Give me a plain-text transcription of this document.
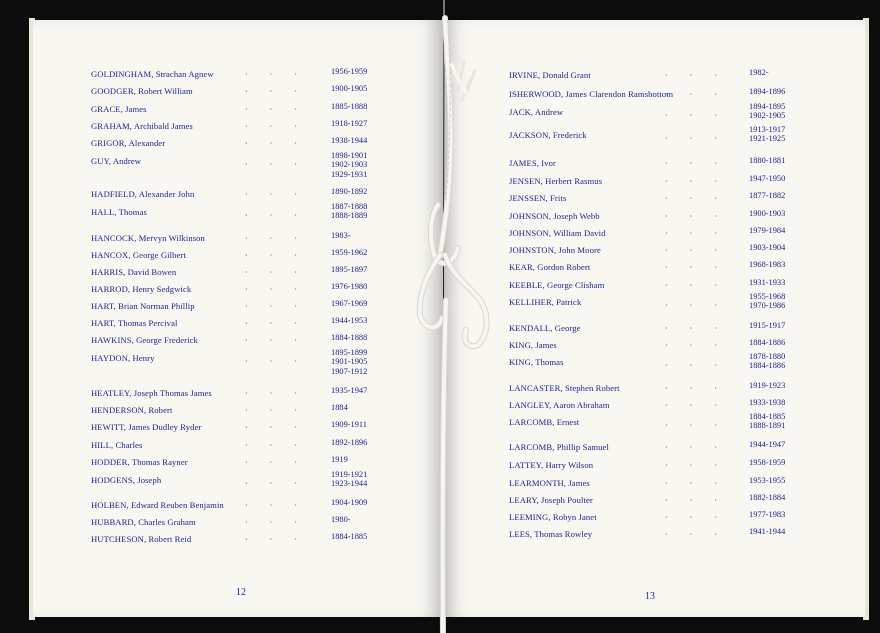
GOLDINGHAM, Strachan Agnew	··· 1956-1959
GOODGER, Robert William	··· 1900-1905
GRACE, James	··· 1885-1888
GRAHAM, Archibald James	··· 1918-1927
GRIGOR, Alexander	··· 1938-1944
GUY, Andrew	···
1898-1901
1902-1903
1929-1931
HADFIELD, Alexander John	··· 1890-1892
HALL, Thomas	···
1887-1888
1888-1889
HANCOCK, Mervyn Wilkinson	··· 1983-
HANCOX, George Gilbert	··· 1959-1962
HARRIS, David Bowen	··· 1895-1897
HARROD, Henry Sedgwick	··· 1976-1980
HART, Brian Norman Phillip	··· 1967-1969
HART, Thomas Percival	··· 1944-1953
HAWKINS, George Frederick	··· 1884-1888
HAYDON, Henry	···
1895-1899
1901-1905
1907-1912
HEATLEY, Joseph Thomas James	··· 1935-1947
HENDERSON, Robert	··· 1884
HEWITT, James Dudley Ryder	··· 1909-1911
HILL, Charles	··· 1892-1896
HODDER, Thomas Rayner	··· 1919
HODGENS, Joseph	···
1919-1921
1923-1944
HOLBEN, Edward Reuben Benjamin	··· 1904-1909
HUBBARD, Charles Graham	··· 1980-
HUTCHESON, Robert Reid	··· 1884-1885
12
IRVINE, Donald Grant	··· 1982-
ISHERWOOD, James Clarendon Ramsbottom
··· 1894-1896
JACK, Andrew	···
1894-1895
1902-1905
JACKSON, Frederick	···
1913-1917
1921-1925
JAMES, Ivor	··· 1880-1881
JENSEN, Herbert Rasmus	··· 1947-1950
JENSSEN, Frits	··· 1877-1882
JOHNSON, Joseph Webb	··· 1900-1903
JOHNSON, William David	··· 1979-1984
JOHNSTON, John Moore	··· 1903-1904
KEAR, Gordon Robert	··· 1968-1983
KEEBLE, George Clisham	··· 1931-1933
KELLIHER, Patrick	···
1955-1968
1970-1986
KENDALL, George	··· 1915-1917
KING, James	··· 1884-1886
KING, Thomas	···
1878-1880
1884-1886
LANCASTER, Stephen Robert	··· 1919-1923
LANGLEY, Aaron Abraham	··· 1933-1938
LARCOMB, Ernest	···
1884-1885
1888-1891
LARCOMB, Phillip Samuel	··· 1944-1947
LATTEY, Harry Wilson	··· 1958-1959
LEARMONTH, James	··· 1953-1955
LEARY, Joseph Poulter	··· 1882-1884
LEEMING, Robyn Janet	··· 1977-1983
LEES, Thomas Rowley	··· 1941-1944
13
